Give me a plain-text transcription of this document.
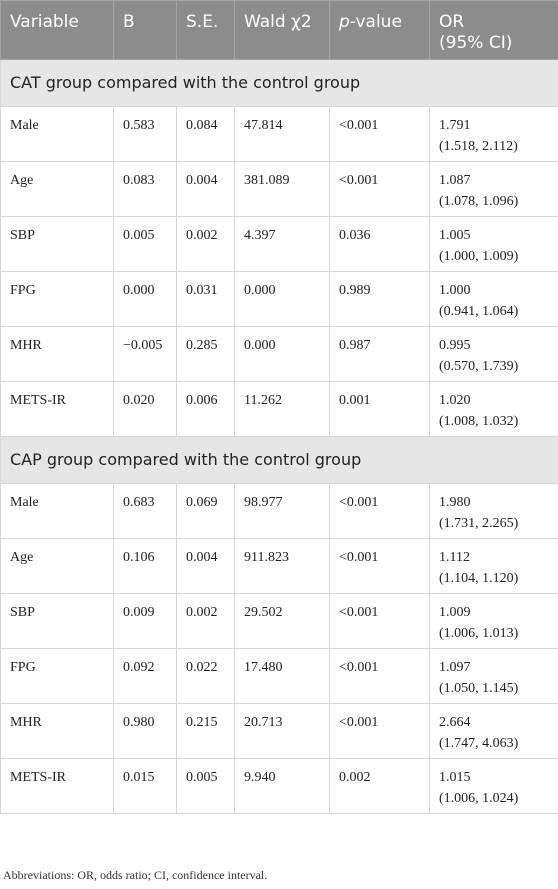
Variable	B	S.E.	Wald χ2	p-value	OR
(95% CI)
CAT group compared with the control group					
Male	0.583	0.084	47.814	<0.001	1.791
(1.518, 2.112)

Age	0.083	0.004	381.089	<0.001	1.087
(1.078, 1.096)

SBP	0.005	0.002	4.397	0.036	1.005
(1.000, 1.009)

FPG	0.000	0.031	0.000	0.989	1.000
(0.941, 1.064)

MHR	−0.005	0.285	0.000	0.987	0.995
(0.570, 1.739)

METS-IR	0.020	0.006	11.262	0.001	1.020
(1.008, 1.032)

CAP group compared with the control group					
Male	0.683	0.069	98.977	<0.001	1.980
(1.731, 2.265)

Age	0.106	0.004	911.823	<0.001	1.112
(1.104, 1.120)

SBP	0.009	0.002	29.502	<0.001	1.009
(1.006, 1.013)

FPG	0.092	0.022	17.480	<0.001	1.097
(1.050, 1.145)

MHR	0.980	0.215	20.713	<0.001	2.664
(1.747, 4.063)

METS-IR	0.015	0.005	9.940	0.002	1.015
(1.006, 1.024)
Abbreviations: OR, odds ratio; CI, confidence interval.
